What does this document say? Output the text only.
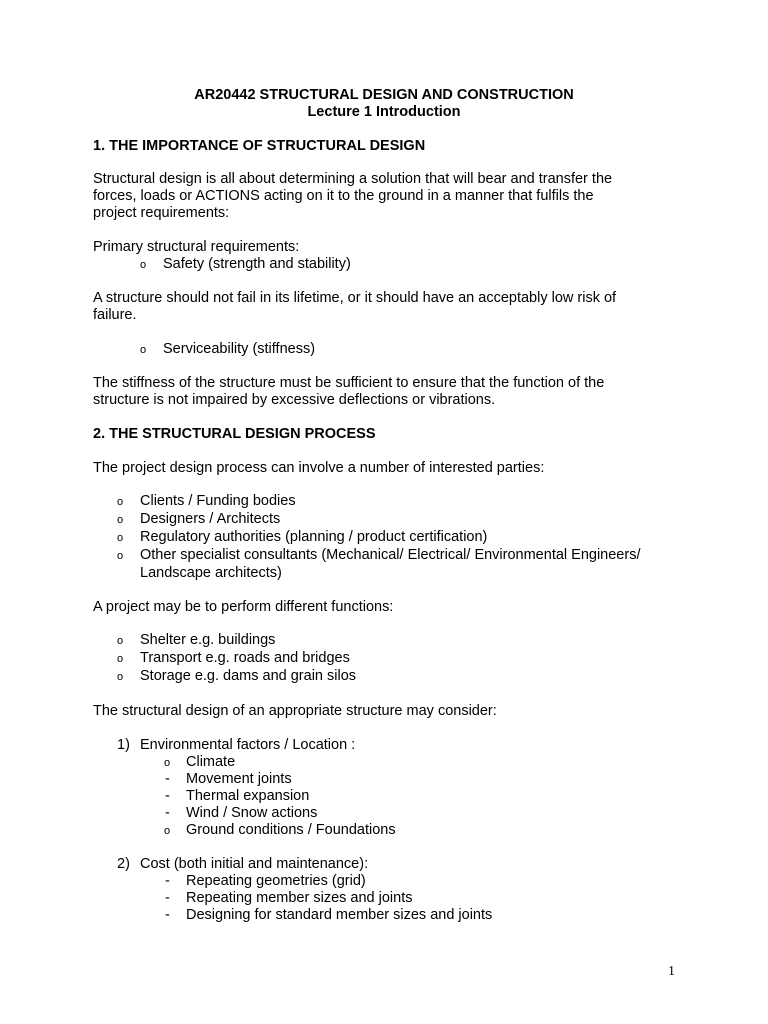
AR20442 STRUCTURAL DESIGN AND CONSTRUCTION
Lecture 1 Introduction
1. THE IMPORTANCE OF STRUCTURAL DESIGN
Structural design is all about determining a solution that will bear and transfer the
forces, loads or ACTIONS acting on it to the ground in a manner that fulfils the
project requirements:
Primary structural requirements:
o Safety (strength and stability)
A structure should not fail in its lifetime, or it should have an acceptably low risk of
failure.
o Serviceability (stiffness)
The stiffness of the structure must be sufficient to ensure that the function of the
structure is not impaired by excessive deflections or vibrations.
2. THE STRUCTURAL DESIGN PROCESS
The project design process can involve a number of interested parties:
o Clients / Funding bodies
o Designers / Architects
o Regulatory authorities (planning / product certification)
o Other specialist consultants (Mechanical/ Electrical/ Environmental Engineers/
Landscape architects)
A project may be to perform different functions:
o Shelter e.g. buildings
o Transport e.g. roads and bridges
o Storage e.g. dams and grain silos
The structural design of an appropriate structure may consider:
1) Environmental factors / Location :
o Climate
- Movement joints
- Thermal expansion
- Wind / Snow actions
o Ground conditions / Foundations
2) Cost (both initial and maintenance):
- Repeating geometries (grid)
- Repeating member sizes and joints
- Designing for standard member sizes and joints
1
